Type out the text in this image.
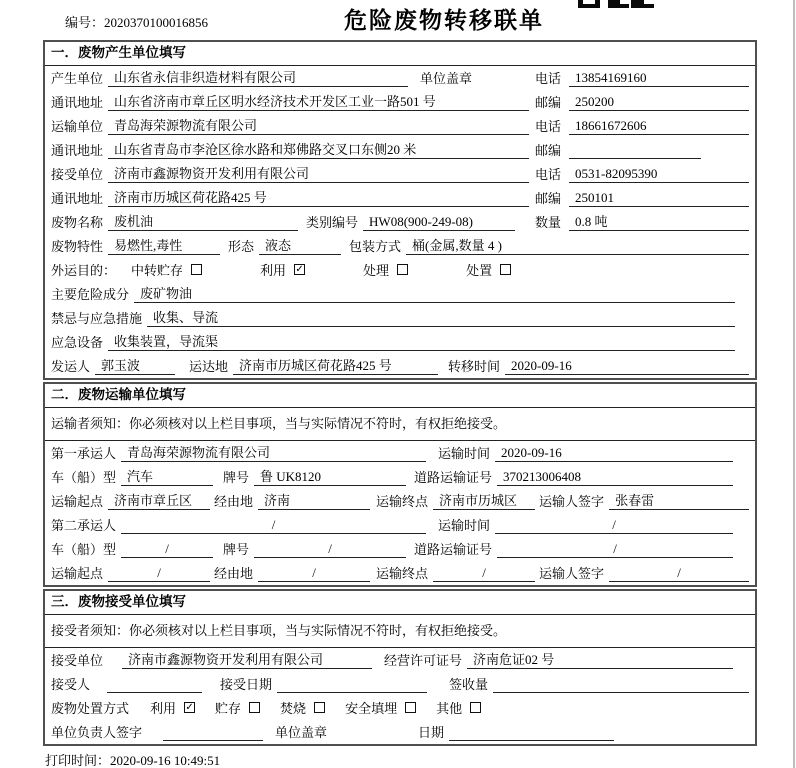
编号：2020370100016856	危险废物转移联单
一．废物产生单位填写
产生单位 山东省永信非织造材料有限公司	单位盖章	电话	13854169160
通讯地址 山东省济南市章丘区明水经济技术开发区工业一路501 号	邮编	250200
运输单位 青岛海荣源物流有限公司	电话	18661672606
通讯地址 山东省青岛市李沧区徐水路和郑佛路交叉口东侧20 米	邮编
接受单位 济南市鑫源物资开发利用有限公司	电话	0531-82095390
通讯地址 济南市历城区荷花路425 号	邮编	250101
废物名称 废机油	类别编号 HW08(900-249-08)	数量	0.8 吨
废物特性 易燃性,毒性	形态 液态	包装方式 桶(金属,数量 4 )
外运目的： 中转贮存	利用 ✓	处理	处置
主要危险成分 废矿物油
禁忌与应急措施 收集、导流
应急设备 收集装置，导流渠
发运人 郭玉波	运达地 济南市历城区荷花路425 号	转移时间 2020-09-16
二．废物运输单位填写
运输者须知：你必须核对以上栏目事项，当与实际情况不符时，有权拒绝接受。
第一承运人 青岛海荣源物流有限公司	运输时间 2020-09-16
车（船）型 汽车	牌号 鲁 UK8120	道路运输证号 370213006408
运输起点 济南市章丘区	经由地 济南	运输终点 济南市历城区	运输人签字 张春雷
第二承运人	/	运输时间	/
车（船）型	/	牌号	/	道路运输证号	/
运输起点	/	经由地	/	运输终点	/	运输人签字	/
三．废物接受单位填写
接受者须知：你必须核对以上栏目事项，当与实际情况不符时，有权拒绝接受。
接受单位	济南市鑫源物资开发利用有限公司	经营许可证号 济南危证02 号
接受人	接受日期	签收量
废物处置方式 利用 ✓ 贮存	焚烧	安全填埋	其他
单位负责人签字	单位盖章	日期
打印时间：2020-09-16 10:49:51
